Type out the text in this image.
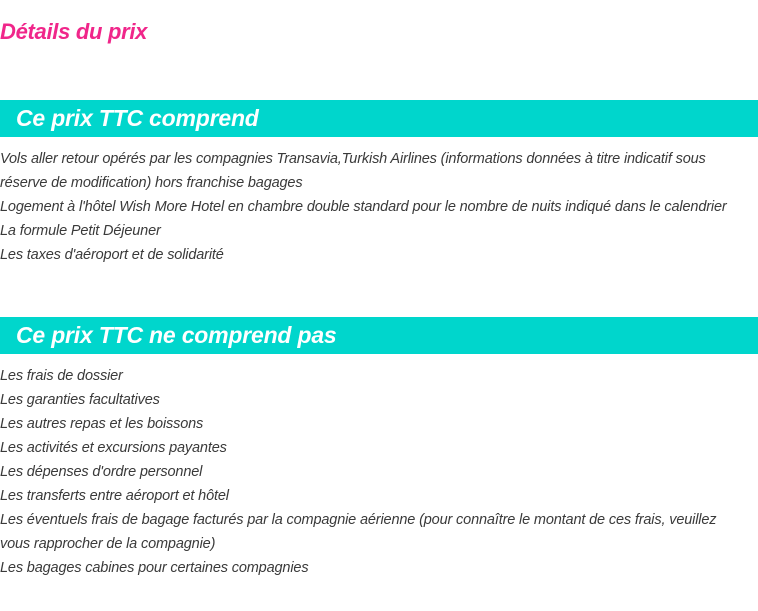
Détails du prix
Ce prix TTC comprend
Vols aller retour opérés par les compagnies Transavia,Turkish Airlines (informations données à titre indicatif sous réserve de modification) hors franchise bagages
Logement à l'hôtel Wish More Hotel en chambre double standard pour le nombre de nuits indiqué dans le calendrier
La formule Petit Déjeuner
Les taxes d'aéroport et de solidarité
Ce prix TTC ne comprend pas
Les frais de dossier
Les garanties facultatives
Les autres repas et les boissons
Les activités et excursions payantes
Les dépenses d'ordre personnel
Les transferts entre aéroport et hôtel
Les éventuels frais de bagage facturés par la compagnie aérienne (pour connaître le montant de ces frais, veuillez vous rapprocher de la compagnie)
Les bagages cabines pour certaines compagnies
